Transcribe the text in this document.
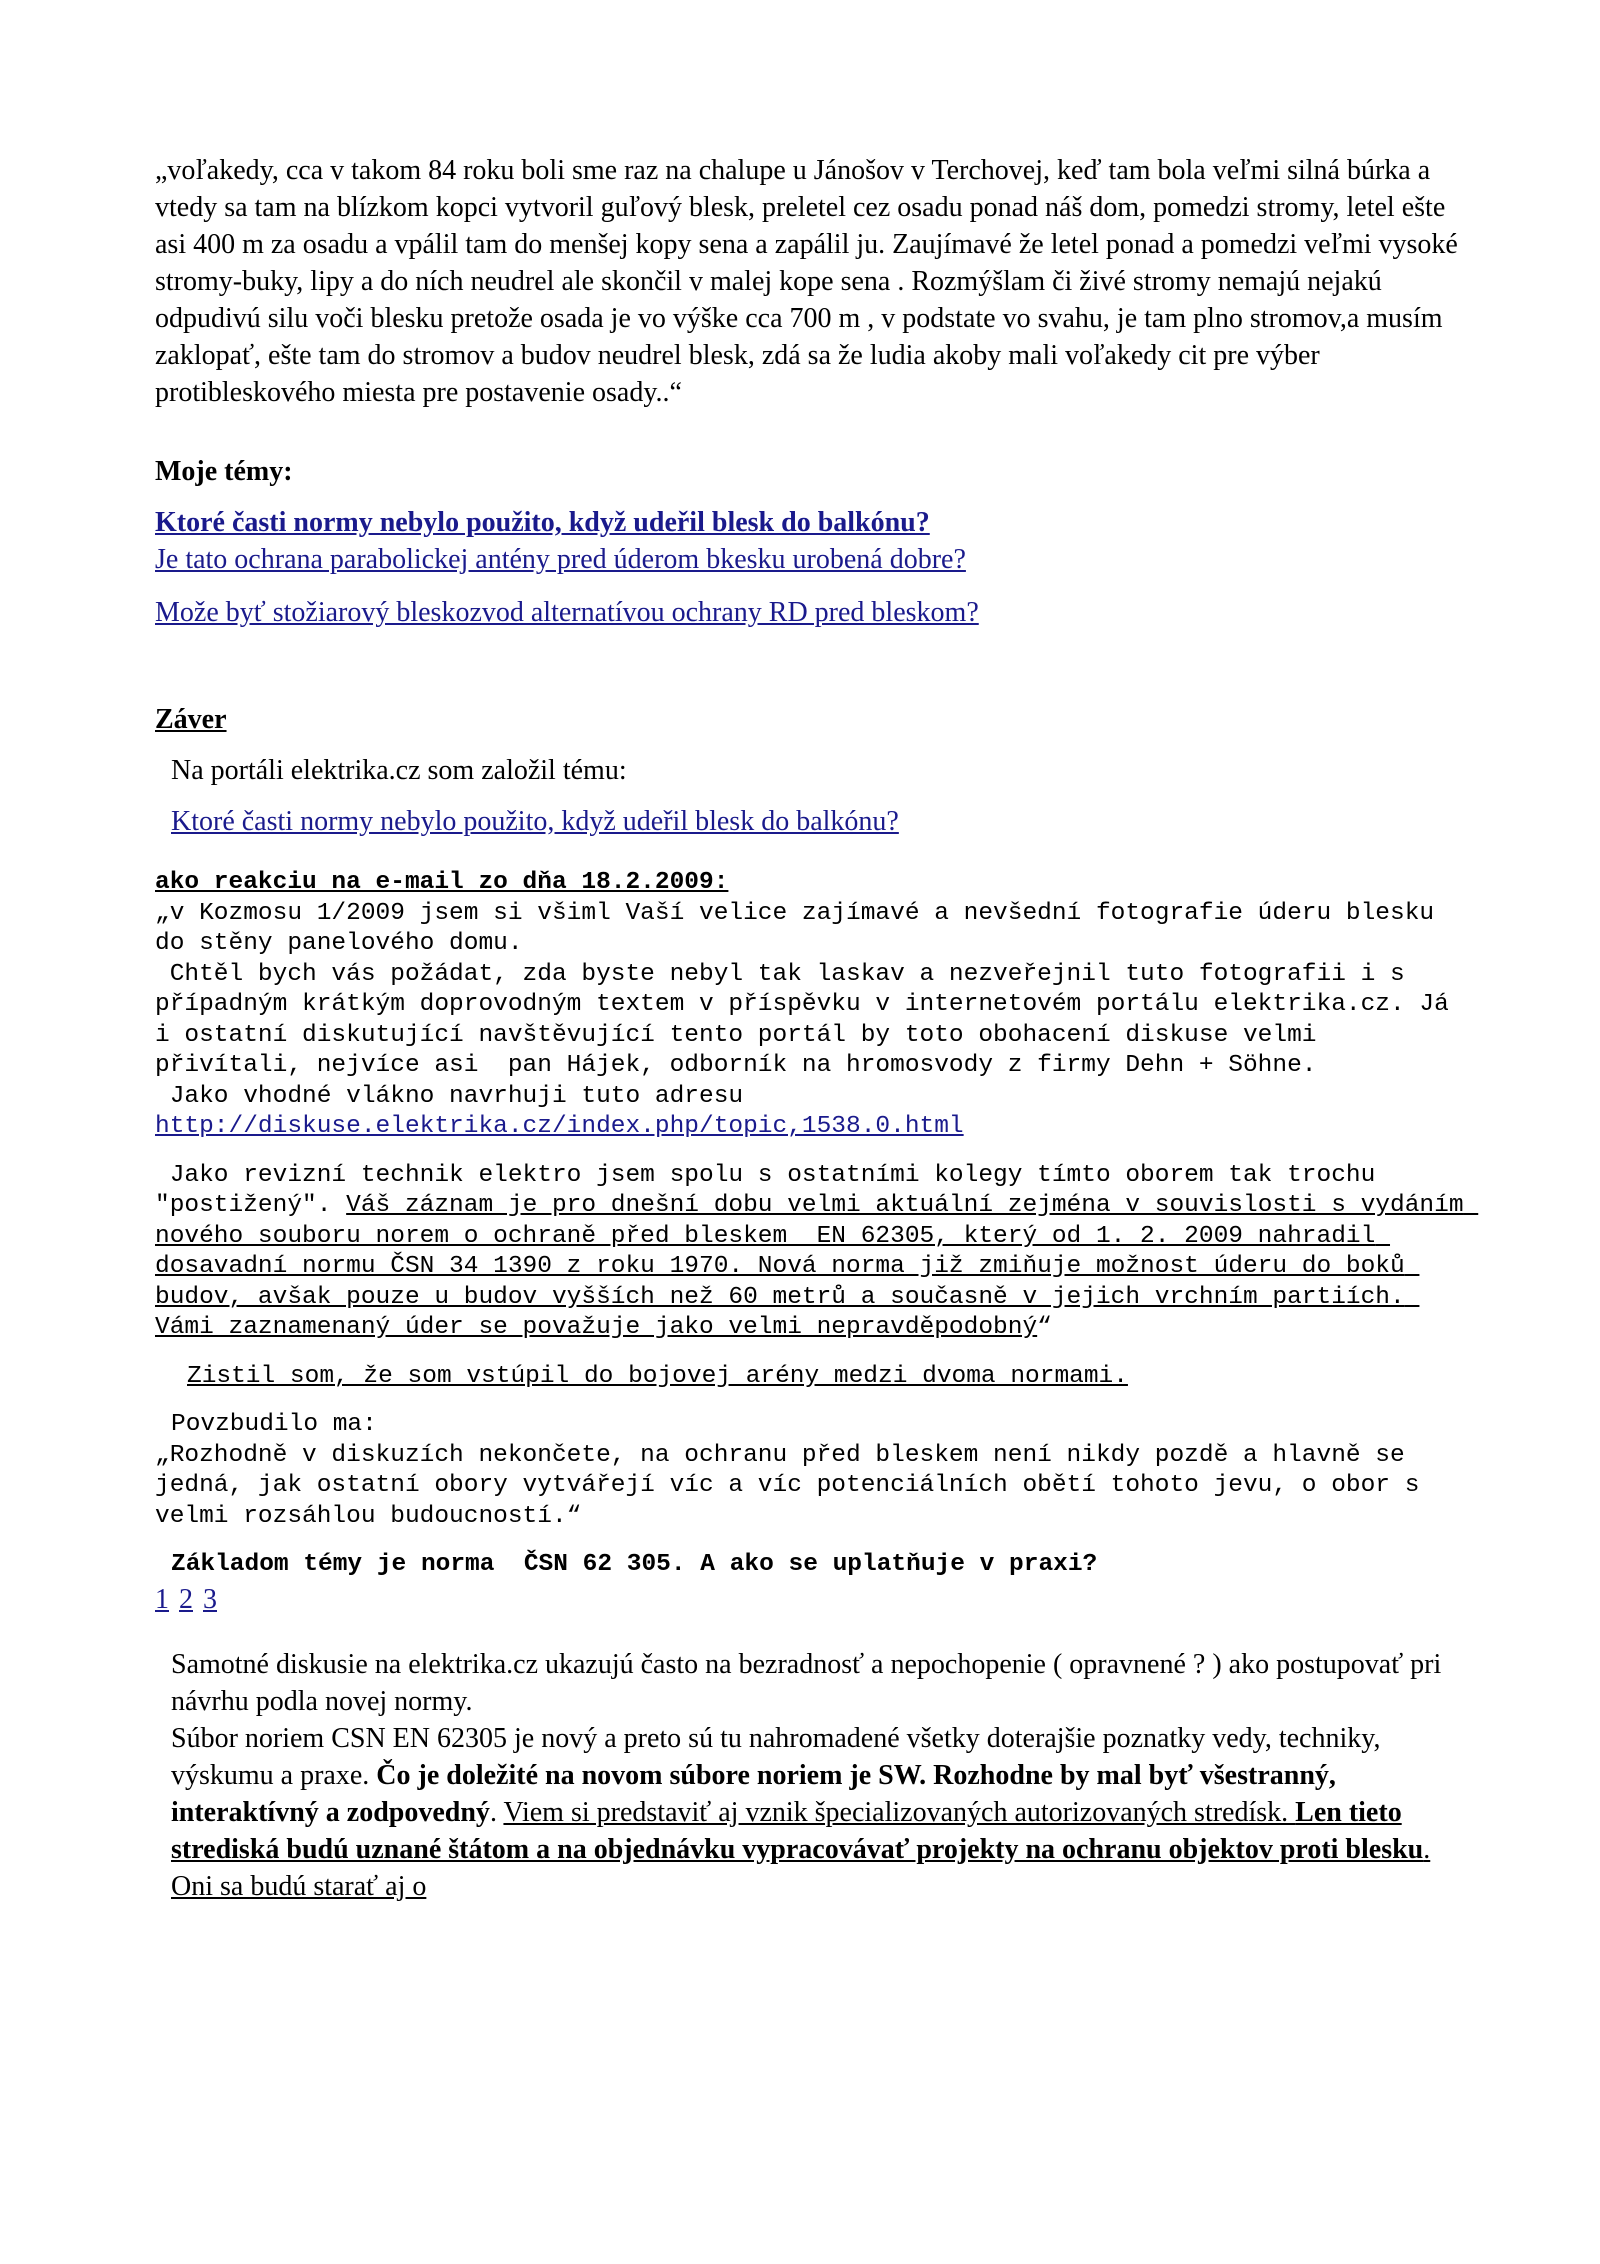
„voľakedy, cca v takom 84 roku boli sme raz na chalupe u Jánošov v Terchovej, keď tam bola veľmi silná búrka a vtedy sa tam na blízkom kopci vytvoril guľový blesk, preletel cez osadu ponad náš dom, pomedzi stromy, letel ešte asi 400 m za osadu a vpálil tam do menšej kopy sena a zapálil ju. Zaujímavé že letel ponad a pomedzi veľmi vysoké stromy-buky, lipy a do ních neudrel ale skončil v malej kope sena . Rozmýšlam či živé stromy nemajú nejakú odpudivú silu voči blesku pretože osada je vo výške cca 700 m , v podstate vo svahu, je tam plno stromov,a musím zaklopať, ešte tam do stromov a budov neudrel blesk, zdá sa že ludia akoby mali voľakedy cit pre výber protibleskového miesta pre postavenie osady..“

Moje témy:

Ktoré časti normy nebylo použito, když udeřil blesk do balkónu?

Je tato ochrana parabolickej antény pred úderom bkesku urobená dobre?

Može byť stožiarový bleskozvod alternatívou ochrany RD pred bleskom?

Záver

Na portáli elektrika.cz som založil tému:

Ktoré časti normy nebylo použito, když udeřil blesk do balkónu?

ako reakciu na e-mail zo dňa 18.2.2009:

„v Kozmosu 1/2009 jsem si všiml Vaší velice zajímavé a nevšední fotografie úderu blesku do stěny panelového domu.

Chtěl bych vás požádat, zda byste nebyl tak laskav a nezveřejnil tuto fotografii i s případným krátkým doprovodným textem v příspěvku v internetovém portálu elektrika.cz. Já i ostatní diskutující navštěvující tento portál by toto obohacení diskuse velmi přivítali, nejvíce asi  pan Hájek, odborník na hromosvody z firmy Dehn + Söhne.

Jako vhodné vlákno navrhuji tuto adresu

http://diskuse.elektrika.cz/index.php/topic,1538.0.html

Jako revizní technik elektro jsem spolu s ostatními kolegy tímto oborem tak trochu "postižený". Váš záznam je pro dnešní dobu velmi aktuální zejména v souvislosti s vydáním nového souboru norem o ochraně před bleskem  EN 62305, který od 1. 2. 2009 nahradil dosavadní normu ČSN 34 1390 z roku 1970. Nová norma již zmiňuje možnost úderu do boků budov, avšak pouze u budov vyšších než 60 metrů a současně v jejich vrchním partiích. Vámi zaznamenaný úder se považuje jako velmi nepravděpodobný“

Zistil som, že som vstúpil do bojovej arény medzi dvoma normami.

Povzbudilo ma:

„Rozhodně v diskuzích nekončete, na ochranu před bleskem není nikdy pozdě a hlavně se jedná, jak ostatní obory vytvářejí víc a víc potenciálních obětí tohoto jevu, o obor s velmi rozsáhlou budoucností.“

Základom témy je norma  ČSN 62 305. A ako se uplatňuje v praxi?

1 2 3

Samotné diskusie na elektrika.cz ukazujú často na bezradnosť a nepochopenie ( opravnené ? ) ako postupovať pri návrhu podla novej normy.

Súbor noriem CSN EN 62305 je nový a preto sú tu nahromadené všetky doterajšie poznatky vedy, techniky, výskumu a praxe. Čo je doležité na novom súbore noriem je SW. Rozhodne by mal byť všestranný, interaktívný a zodpovedný. Viem si predstaviť aj vznik špecializovaných autorizovaných stredísk. Len tieto strediská budú uznané štátom a na objednávku vypracovávať projekty na ochranu objektov proti blesku. Oni sa budú starať aj o
